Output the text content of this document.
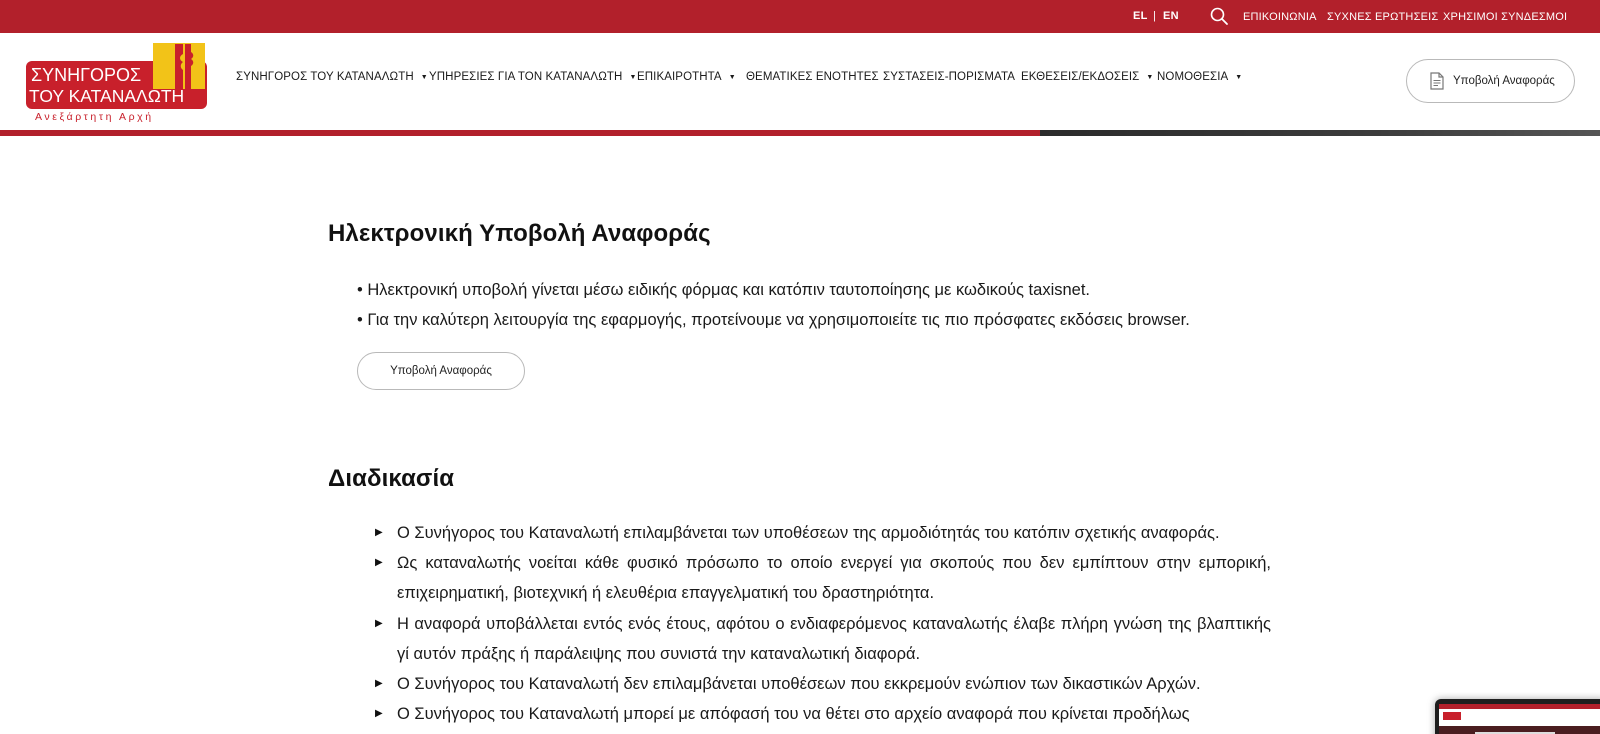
EL | EN	ΕΠΙΚΟΙΝΩΝΙΑ ΣΥΧΝΕΣ ΕΡΩΤΗΣΕΙΣ ΧΡΗΣΙΜΟΙ ΣΥΝΔΕΣΜΟΙ
ΣΥΝΗΓΟΡΟΣ
ΤΟΥ ΚΑΤΑΝΑΛΩΤΗ
Ανεξάρτητη Αρχή
ΣΥΝΗΓΟΡΟΣ ΤΟΥ ΚΑΤΑΝΑΛΩΤΗ ▼ ΥΠΗΡΕΣΙΕΣ ΓΙΑ ΤΟΝ ΚΑΤΑΝΑΛΩΤΗ ▼ ΕΠΙΚΑΙΡΟΤΗΤΑ ▼ ΘΕΜΑΤΙΚΕΣ ΕΝΟΤΗΤΕΣ ΣΥΣΤΑΣΕΙΣ-ΠΟΡΙΣΜΑΤΑ ΕΚΘΕΣΕΙΣ/ΕΚΔΟΣΕΙΣ ▼ ΝΟΜΟΘΕΣΙΑ ▼	Υποβολή Αναφοράς
Ηλεκτρονική Υποβολή Αναφοράς
• Ηλεκτρονική υποβολή γίνεται μέσω ειδικής φόρμας και κατόπιν ταυτοποίησης με κωδικούς taxisnet.
• Για την καλύτερη λειτουργία της εφαρμογής, προτείνουμε να χρησιμοποιείτε τις πιο πρόσφατες εκδόσεις browser.
Υποβολή Αναφοράς
Διαδικασία
▶ Ο Συνήγορος του Καταναλωτή επιλαμβάνεται των υποθέσεων της αρμοδιότητάς του κατόπιν σχετικής αναφοράς.
▶ Ως καταναλωτής νοείται κάθε φυσικό πρόσωπο το οποίο ενεργεί για σκοπούς που δεν εμπίπτουν στην εμπορική, επιχειρηματική, βιοτεχνική ή ελευθέρια επαγγελματική του δραστηριότητα.
▶ Η αναφορά υποβάλλεται εντός ενός έτους, αφότου ο ενδιαφερόμενος καταναλωτής έλαβε πλήρη γνώση της βλαπτικής γί αυτόν πράξης ή παράλειψης που συνιστά την καταναλωτική διαφορά.
▶ Ο Συνήγορος του Καταναλωτή δεν επιλαμβάνεται υποθέσεων που εκκρεμούν ενώπιον των δικαστικών Αρχών.
▶ Ο Συνήγορος του Καταναλωτή μπορεί με απόφασή του να θέτει στο αρχείο αναφορά που κρίνεται προδήλως
